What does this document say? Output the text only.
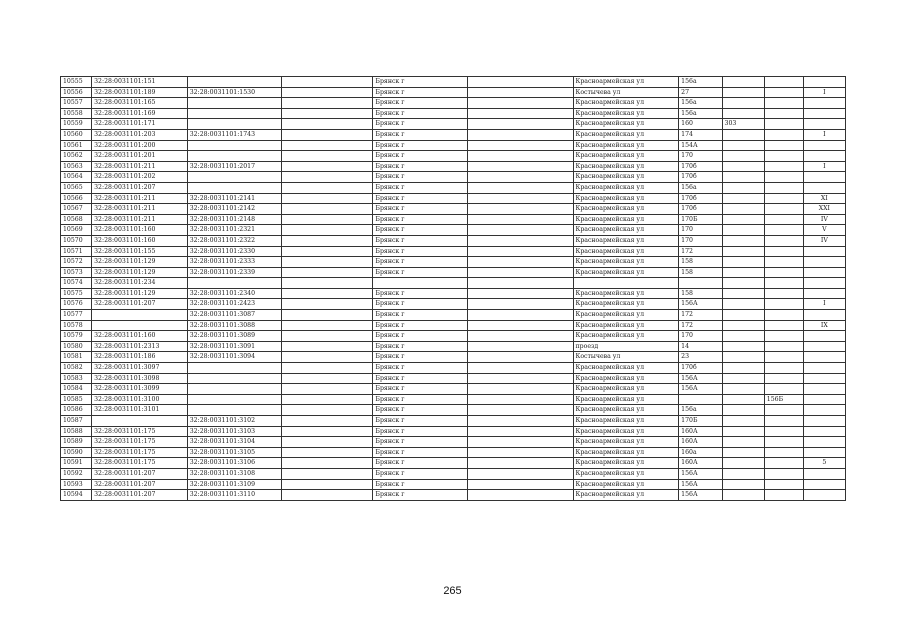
10555	32:28:0031101:151			Брянск г		Красноармейская ул	156а			
10556	32:28:0031101:189	32:28:0031101:1530		Брянск г		Костычева ул	27			I
10557	32:28:0031101:165			Брянск г		Красноармейская ул	156а			
10558	32:28:0031101:169			Брянск г		Красноармейская ул	156а			
10559	32:28:0031101:171			Брянск г		Красноармейская ул	160	303		
10560	32:28:0031101:203	32:28:0031101:1743		Брянск г		Красноармейская ул	174			I
10561	32:28:0031101:200			Брянск г		Красноармейская ул	154А			
10562	32:28:0031101:201			Брянск г		Красноармейская ул	170			
10563	32:28:0031101:211	32:28:0031101:2017		Брянск г		Красноармейская ул	170б			I
10564	32:28:0031101:202			Брянск г		Красноармейская ул	170б			
10565	32:28:0031101:207			Брянск г		Красноармейская ул	156а			
10566	32:28:0031101:211	32:28:0031101:2141		Брянск г		Красноармейская ул	170б			XI
10567	32:28:0031101:211	32:28:0031101:2142		Брянск г		Красноармейская ул	170б			XXI
10568	32:28:0031101:211	32:28:0031101:2148		Брянск г		Красноармейская ул	170Б			IV
10569	32:28:0031101:160	32:28:0031101:2321		Брянск г		Красноармейская ул	170			V
10570	32:28:0031101:160	32:28:0031101:2322		Брянск г		Красноармейская ул	170			IV
10571	32:28:0031101:155	32:28:0031101:2330		Брянск г		Красноармейская ул	172			
10572	32:28:0031101:129	32:28:0031101:2333		Брянск г		Красноармейская ул	158			
10573	32:28:0031101:129	32:28:0031101:2339		Брянск г		Красноармейская ул	158			
10574	32:28:0031101:234									
10575	32:28:0031101:129	32:28:0031101:2340		Брянск г		Красноармейская ул	158			
10576	32:28:0031101:207	32:28:0031101:2423		Брянск г		Красноармейская ул	156А			I
10577		32:28:0031101:3087		Брянск г		Красноармейская ул	172			
10578		32:28:0031101:3088		Брянск г		Красноармейская ул	172			IX
10579	32:28:0031101:160	32:28:0031101:3089		Брянск г		Красноармейская ул	170			
10580	32:28:0031101:2313	32:28:0031101:3091		Брянск г		проезд	14			
10581	32:28:0031101:186	32:28:0031101:3094		Брянск г		Костычева ул	23			
10582	32:28:0031101:3097			Брянск г		Красноармейская ул	170б			
10583	32:28:0031101:3098			Брянск г		Красноармейская ул	156А			
10584	32:28:0031101:3099			Брянск г		Красноармейская ул	156А			
10585	32:28:0031101:3100			Брянск г		Красноармейская ул			156Б	
10586	32:28:0031101:3101			Брянск г		Красноармейская ул	156а			
10587		32:28:0031101:3102		Брянск г		Красноармейская ул	170Б			
10588	32:28:0031101:175	32:28:0031101:3103		Брянск г		Красноармейская ул	160А			
10589	32:28:0031101:175	32:28:0031101:3104		Брянск г		Красноармейская ул	160А			
10590	32:28:0031101:175	32:28:0031101:3105		Брянск г		Красноармейская ул	160а			
10591	32:28:0031101:175	32:28:0031101:3106		Брянск г		Красноармейская ул	160А			5
10592	32:28:0031101:207	32:28:0031101:3108		Брянск г		Красноармейская ул	156А			
10593	32:28:0031101:207	32:28:0031101:3109		Брянск г		Красноармейская ул	156А			
10594	32:28:0031101:207	32:28:0031101:3110		Брянск г		Красноармейская ул	156А			
265
